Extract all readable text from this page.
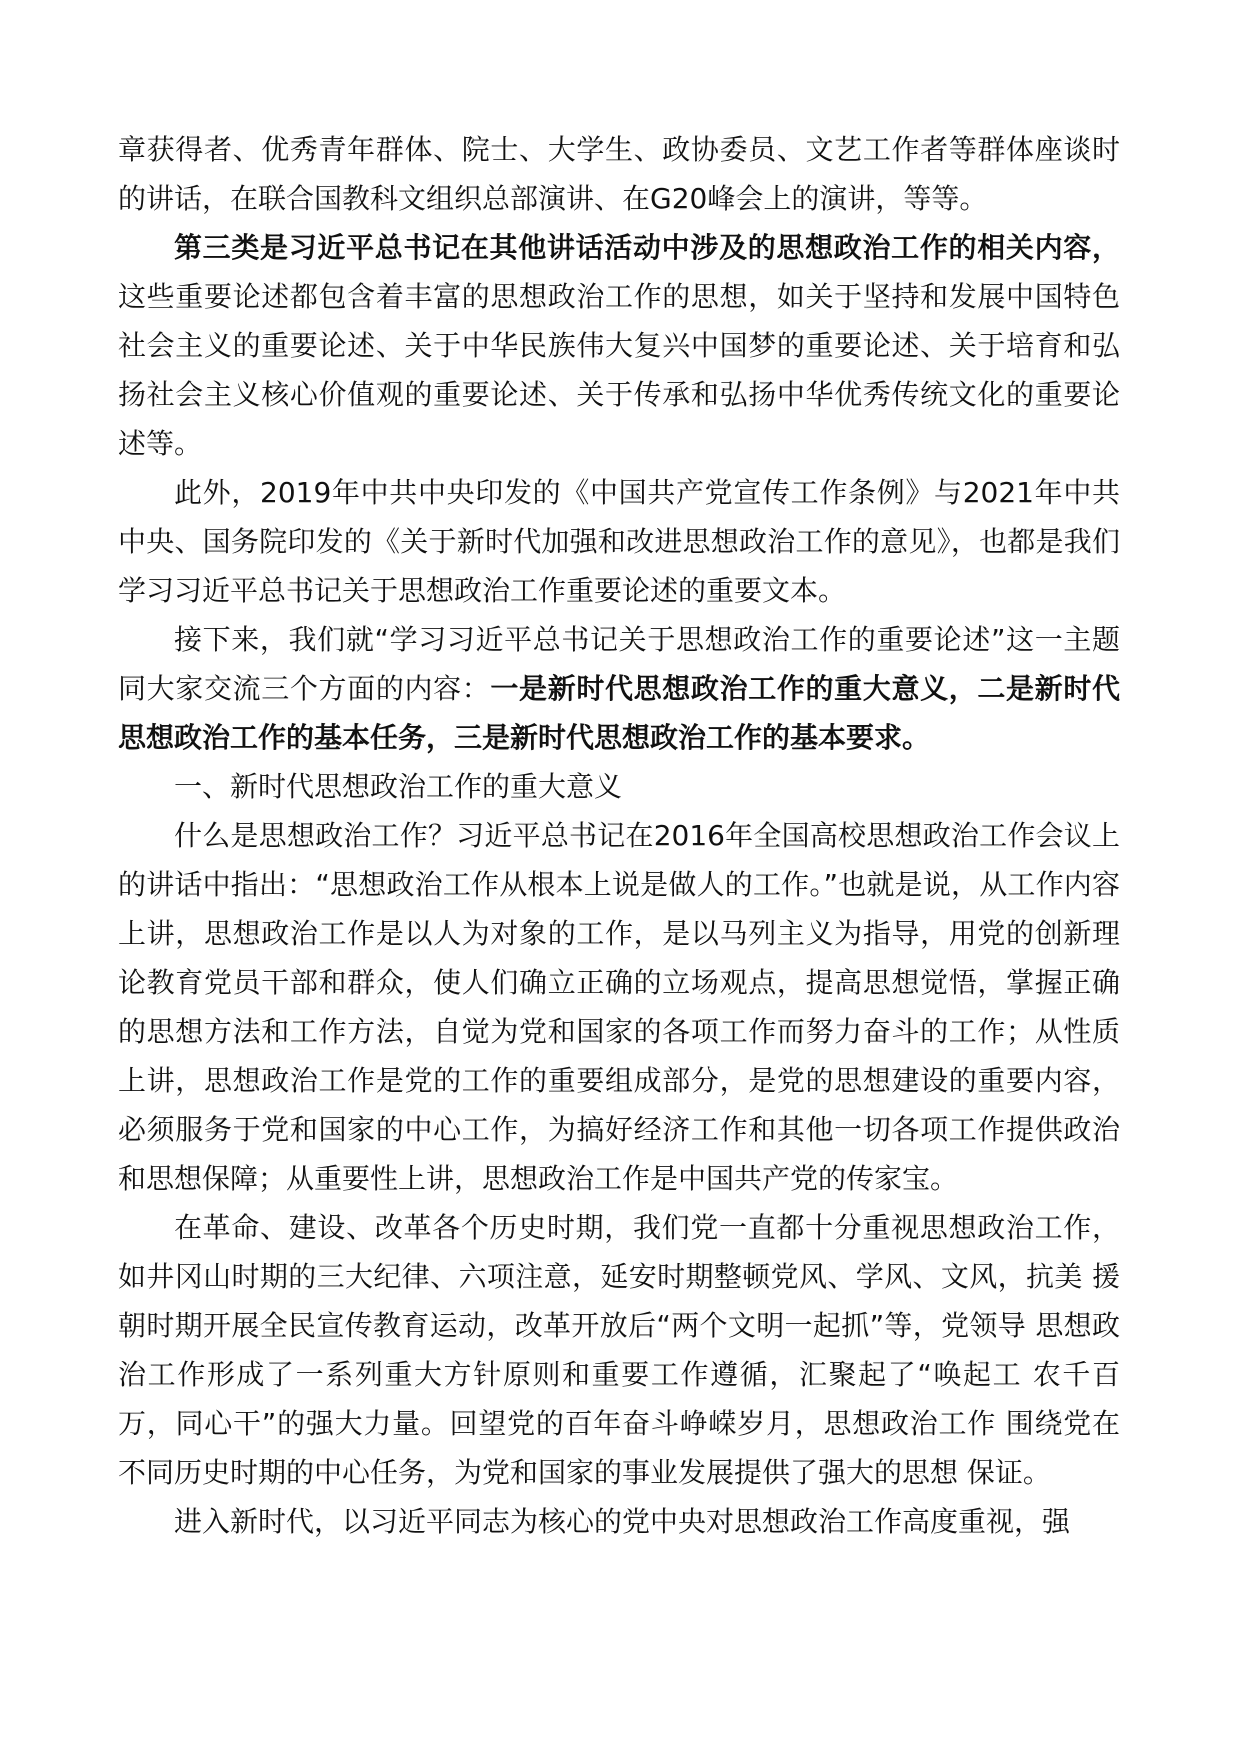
章获得者、优秀青年群体、院士、大学生、政协委员、文艺工作者等群体座谈时的讲话，在联合国教科文组织总部演讲、在G20峰会上的演讲，等等。

第三类是习近平总书记在其他讲话活动中涉及的思想政治工作的相关内容，这些重要论述都包含着丰富的思想政治工作的思想，如关于坚持和发展中国特色社会主义的重要论述、关于中华民族伟大复兴中国梦的重要论述、关于培育和弘扬社会主义核心价值观的重要论述、关于传承和弘扬中华优秀传统文化的重要论述等。

此外，2019年中共中央印发的《中国共产党宣传工作条例》与2021年中共中央、国务院印发的《关于新时代加强和改进思想政治工作的意见》，也都是我们学习习近平总书记关于思想政治工作重要论述的重要文本。

接下来，我们就“学习习近平总书记关于思想政治工作的重要论述”这一主题同大家交流三个方面的内容：一是新时代思想政治工作的重大意义，二是新时代思想政治工作的基本任务，三是新时代思想政治工作的基本要求。

一、新时代思想政治工作的重大意义

什么是思想政治工作？习近平总书记在2016年全国高校思想政治工作会议上的讲话中指出：“思想政治工作从根本上说是做人的工作。”也就是说，从工作内容上讲，思想政治工作是以人为对象的工作，是以马列主义为指导，用党的创新理论教育党员干部和群众，使人们确立正确的立场观点，提高思想觉悟，掌握正确的思想方法和工作方法，自觉为党和国家的各项工作而努力奋斗的工作；从性质上讲，思想政治工作是党的工作的重要组成部分，是党的思想建设的重要内容，必须服务于党和国家的中心工作，为搞好经济工作和其他一切各项工作提供政治和思想保障；从重要性上讲，思想政治工作是中国共产党的传家宝。

在革命、建设、改革各个历史时期，我们党一直都十分重视思想政治工作，如井冈山时期的三大纪律、六项注意，延安时期整顿党风、学风、文风，抗美 援朝时期开展全民宣传教育运动，改革开放后“两个文明一起抓”等，党领导 思想政治工作形成了一系列重大方针原则和重要工作遵循，汇聚起了“唤起工 农千百万，同心干”的强大力量。回望党的百年奋斗峥嵘岁月，思想政治工作 围绕党在不同历史时期的中心任务，为党和国家的事业发展提供了强大的思想 保证。

进入新时代，以习近平同志为核心的党中央对思想政治工作高度重视，强
